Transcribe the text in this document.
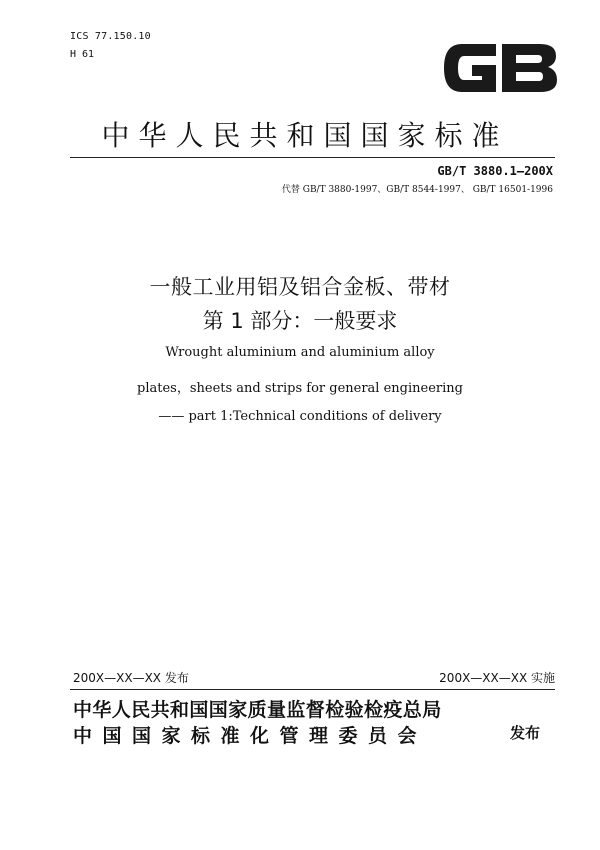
ICS 77.150.10
H 61
中华人民共和国国家标准
GB/T 3880.1—200X
代替 GB/T 3880-1997、GB/T 8544-1997、 GB/T 16501-1996
一般工业用铝及铝合金板、带材
第 1 部分：一般要求
Wrought aluminium and aluminium alloy
plates，sheets and strips for general engineering
—— part 1:Technical conditions of delivery
200X—XX—XX 发布	200X—XX—XX 实施
中华人民共和国国家质量监督检验检疫总局
中国国家标准化管理委员会	发布
